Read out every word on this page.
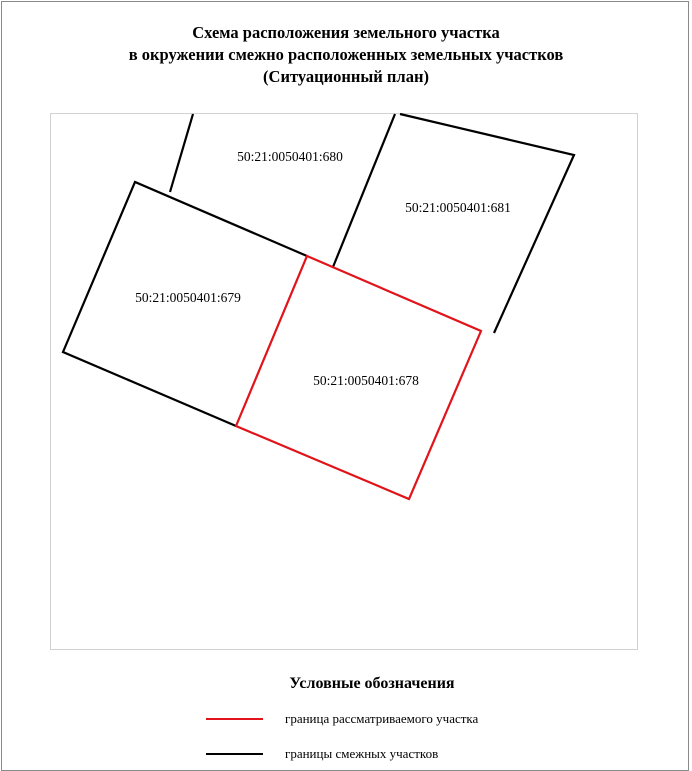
Схема расположения земельного участка
в окружении смежно расположенных земельных участков
(Ситуационный план)
50:21:0050401:680
50:21:0050401:681
50:21:0050401:679
50:21:0050401:678
Условные обозначения
граница рассматриваемого участка
границы смежных участков
